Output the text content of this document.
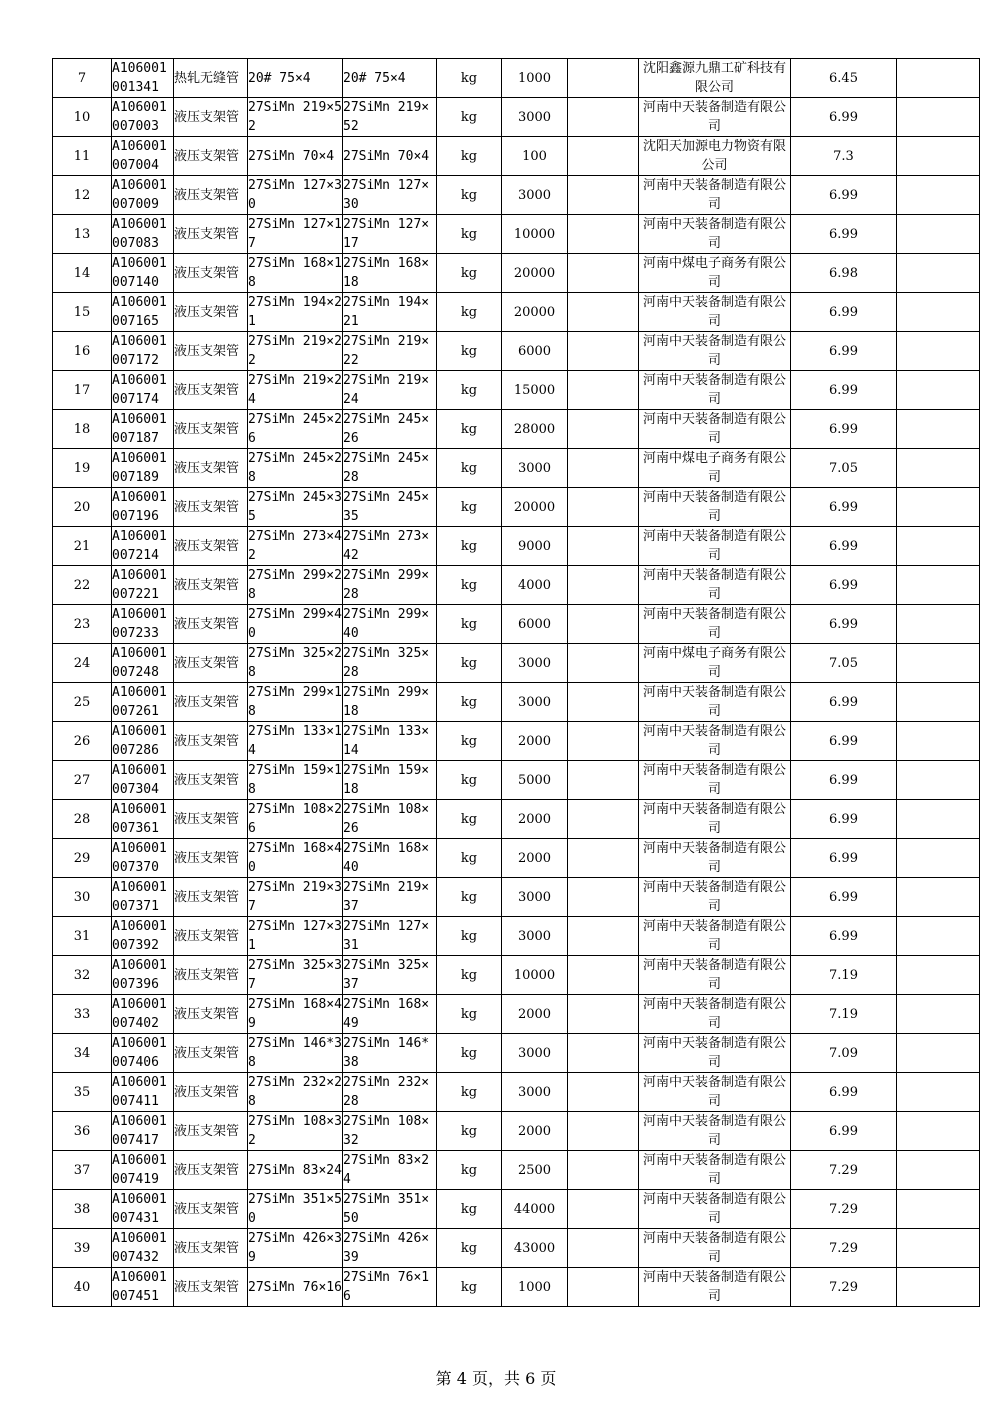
7	A106001001341	热轧无缝管	20# 75×4	20# 75×4	kg	1000		沈阳鑫源九鼎工矿科技有限公司	6.45	
10	A106001007003	液压支架管	27SiMn 219×52	27SiMn 219×52	kg	3000		河南中天装备制造有限公司	6.99	
11	A106001007004	液压支架管	27SiMn 70×4	27SiMn 70×4	kg	100		沈阳天加源电力物资有限公司	7.3	
12	A106001007009	液压支架管	27SiMn 127×30	27SiMn 127×30	kg	3000		河南中天装备制造有限公司	6.99	
13	A106001007083	液压支架管	27SiMn 127×17	27SiMn 127×17	kg	10000		河南中天装备制造有限公司	6.99	
14	A106001007140	液压支架管	27SiMn 168×18	27SiMn 168×18	kg	20000		河南中煤电子商务有限公司	6.98	
15	A106001007165	液压支架管	27SiMn 194×21	27SiMn 194×21	kg	20000		河南中天装备制造有限公司	6.99	
16	A106001007172	液压支架管	27SiMn 219×22	27SiMn 219×22	kg	6000		河南中天装备制造有限公司	6.99	
17	A106001007174	液压支架管	27SiMn 219×24	27SiMn 219×24	kg	15000		河南中天装备制造有限公司	6.99	
18	A106001007187	液压支架管	27SiMn 245×26	27SiMn 245×26	kg	28000		河南中天装备制造有限公司	6.99	
19	A106001007189	液压支架管	27SiMn 245×28	27SiMn 245×28	kg	3000		河南中煤电子商务有限公司	7.05	
20	A106001007196	液压支架管	27SiMn 245×35	27SiMn 245×35	kg	20000		河南中天装备制造有限公司	6.99	
21	A106001007214	液压支架管	27SiMn 273×42	27SiMn 273×42	kg	9000		河南中天装备制造有限公司	6.99	
22	A106001007221	液压支架管	27SiMn 299×28	27SiMn 299×28	kg	4000		河南中天装备制造有限公司	6.99	
23	A106001007233	液压支架管	27SiMn 299×40	27SiMn 299×40	kg	6000		河南中天装备制造有限公司	6.99	
24	A106001007248	液压支架管	27SiMn 325×28	27SiMn 325×28	kg	3000		河南中煤电子商务有限公司	7.05	
25	A106001007261	液压支架管	27SiMn 299×18	27SiMn 299×18	kg	3000		河南中天装备制造有限公司	6.99	
26	A106001007286	液压支架管	27SiMn 133×14	27SiMn 133×14	kg	2000		河南中天装备制造有限公司	6.99	
27	A106001007304	液压支架管	27SiMn 159×18	27SiMn 159×18	kg	5000		河南中天装备制造有限公司	6.99	
28	A106001007361	液压支架管	27SiMn 108×26	27SiMn 108×26	kg	2000		河南中天装备制造有限公司	6.99	
29	A106001007370	液压支架管	27SiMn 168×40	27SiMn 168×40	kg	2000		河南中天装备制造有限公司	6.99	
30	A106001007371	液压支架管	27SiMn 219×37	27SiMn 219×37	kg	3000		河南中天装备制造有限公司	6.99	
31	A106001007392	液压支架管	27SiMn 127×31	27SiMn 127×31	kg	3000		河南中天装备制造有限公司	6.99	
32	A106001007396	液压支架管	27SiMn 325×37	27SiMn 325×37	kg	10000		河南中天装备制造有限公司	7.19	
33	A106001007402	液压支架管	27SiMn 168×49	27SiMn 168×49	kg	2000		河南中天装备制造有限公司	7.19	
34	A106001007406	液压支架管	27SiMn 146*38	27SiMn 146*38	kg	3000		河南中天装备制造有限公司	7.09	
35	A106001007411	液压支架管	27SiMn 232×28	27SiMn 232×28	kg	3000		河南中天装备制造有限公司	6.99	
36	A106001007417	液压支架管	27SiMn 108×32	27SiMn 108×32	kg	2000		河南中天装备制造有限公司	6.99	
37	A106001007419	液压支架管	27SiMn 83×24	27SiMn 83×24	kg	2500		河南中天装备制造有限公司	7.29	
38	A106001007431	液压支架管	27SiMn 351×50	27SiMn 351×50	kg	44000		河南中天装备制造有限公司	7.29	
39	A106001007432	液压支架管	27SiMn 426×39	27SiMn 426×39	kg	43000		河南中天装备制造有限公司	7.29	
40	A106001007451	液压支架管	27SiMn 76×16	27SiMn 76×16	kg	1000		河南中天装备制造有限公司	7.29	
第 4 页，共 6 页
